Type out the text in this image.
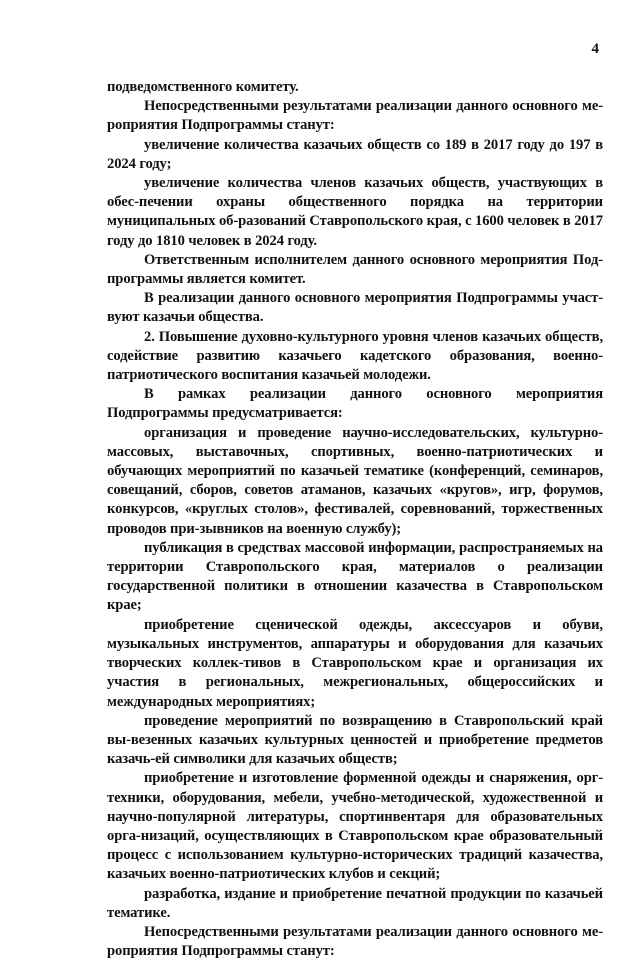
4

подведомственного комитету.

Непосредственными результатами реализации данного основного ме-роприятия Подпрограммы станут:

увеличение количества казачьих обществ со 189 в 2017 году до 197 в 2024 году;

увеличение количества членов казачьих обществ, участвующих в обес-печении охраны общественного порядка на территории муниципальных об-разований Ставропольского края, с 1600 человек в 2017 году до 1810 человек в 2024 году.

Ответственным исполнителем данного основного мероприятия Под-программы является комитет.

В реализации данного основного мероприятия Подпрограммы участ-вуют казачьи общества.

2. Повышение духовно-культурного уровня членов казачьих обществ, содействие развитию казачьего кадетского образования, военно-патриотического воспитания казачьей молодежи.

В рамках реализации данного основного мероприятия Подпрограммы предусматривается:

организация и проведение научно-исследовательских, культурно-массовых, выставочных, спортивных, военно-патриотических и обучающих мероприятий по казачьей тематике (конференций, семинаров, совещаний, сборов, советов атаманов, казачьих «кругов», игр, форумов, конкурсов, «круглых столов», фестивалей, соревнований, торжественных проводов при-зывников на военную службу);

публикация в средствах массовой информации, распространяемых на территории Ставропольского края, материалов о реализации государственной политики в отношении казачества в Ставропольском крае;

приобретение сценической одежды, аксессуаров и обуви, музыкальных инструментов, аппаратуры и оборудования для казачьих творческих коллек-тивов в Ставропольском крае и организация их участия в региональных, межрегиональных, общероссийских и международных мероприятиях;

проведение мероприятий по возвращению в Ставропольский край вы-везенных казачьих культурных ценностей и приобретение предметов казачь-ей символики для казачьих обществ;

приобретение и изготовление форменной одежды и снаряжения, орг-техники, оборудования, мебели, учебно-методической, художественной и научно-популярной литературы, спортинвентаря для образовательных орга-низаций, осуществляющих в Ставропольском крае образовательный процесс с использованием культурно-исторических традиций казачества, казачьих военно-патриотических клубов и секций;

разработка, издание и приобретение печатной продукции по казачьей тематике.

Непосредственными результатами реализации данного основного ме-роприятия Подпрограммы станут:
